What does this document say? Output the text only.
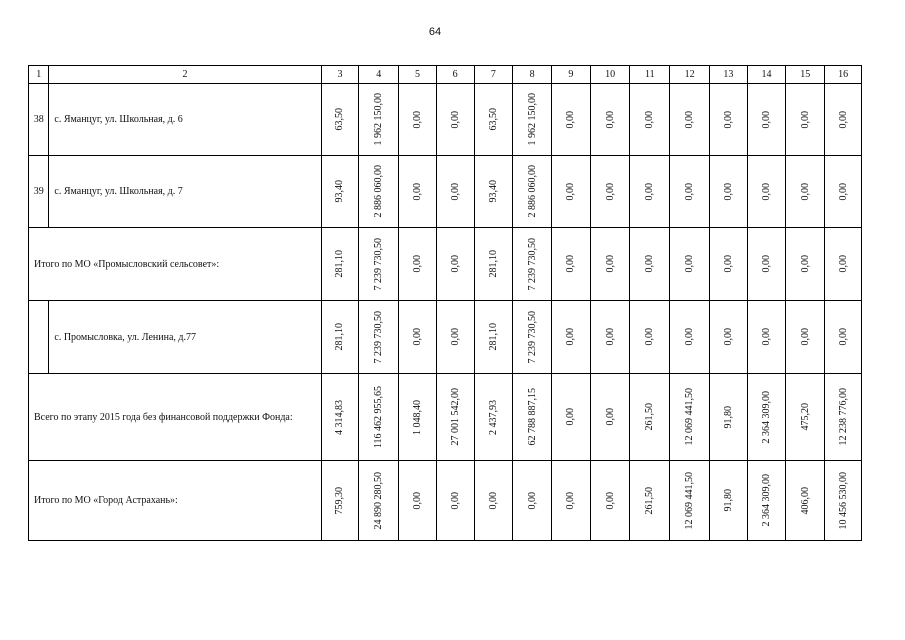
64
1	2	3	4	5	6	7	8	9	10	11	12	13	14	15	16
38	с. Яманцуг, ул. Школьная, д. 6	63,50	1 962 150,00	0,00	0,00	63,50	1 962 150,00	0,00	0,00	0,00	0,00	0,00	0,00	0,00	0,00

39	с. Яманцуг, ул. Школьная, д. 7	93,40	2 886 060,00	0,00	0,00	93,40	2 886 060,00	0,00	0,00	0,00	0,00	0,00	0,00	0,00	0,00

Итого по МО «Промысловский сельсовет»:		281,10	7 239 730,50	0,00	0,00	281,10	7 239 730,50	0,00	0,00	0,00	0,00	0,00	0,00	0,00	0,00

	с. Промысловка, ул. Ленина, д.77	281,10	7 239 730,50	0,00	0,00	281,10	7 239 730,50	0,00	0,00	0,00	0,00	0,00	0,00	0,00	0,00

Всего по этапу 2015 года без финансовой поддержки Фонда:		4 314,83	116 462 955,65	1 048,40	27 001 542,00	2 437,93	62 788 887,15	0,00	0,00	261,50	12 069 441,50	91,80	2 364 309,00	475,20	12 238 776,00

Итого по МО «Город Астрахань»:		759,30	24 890 280,50	0,00	0,00	0,00	0,00	0,00	0,00	261,50	12 069 441,50	91,80	2 364 309,00	406,00	10 456 530,00
